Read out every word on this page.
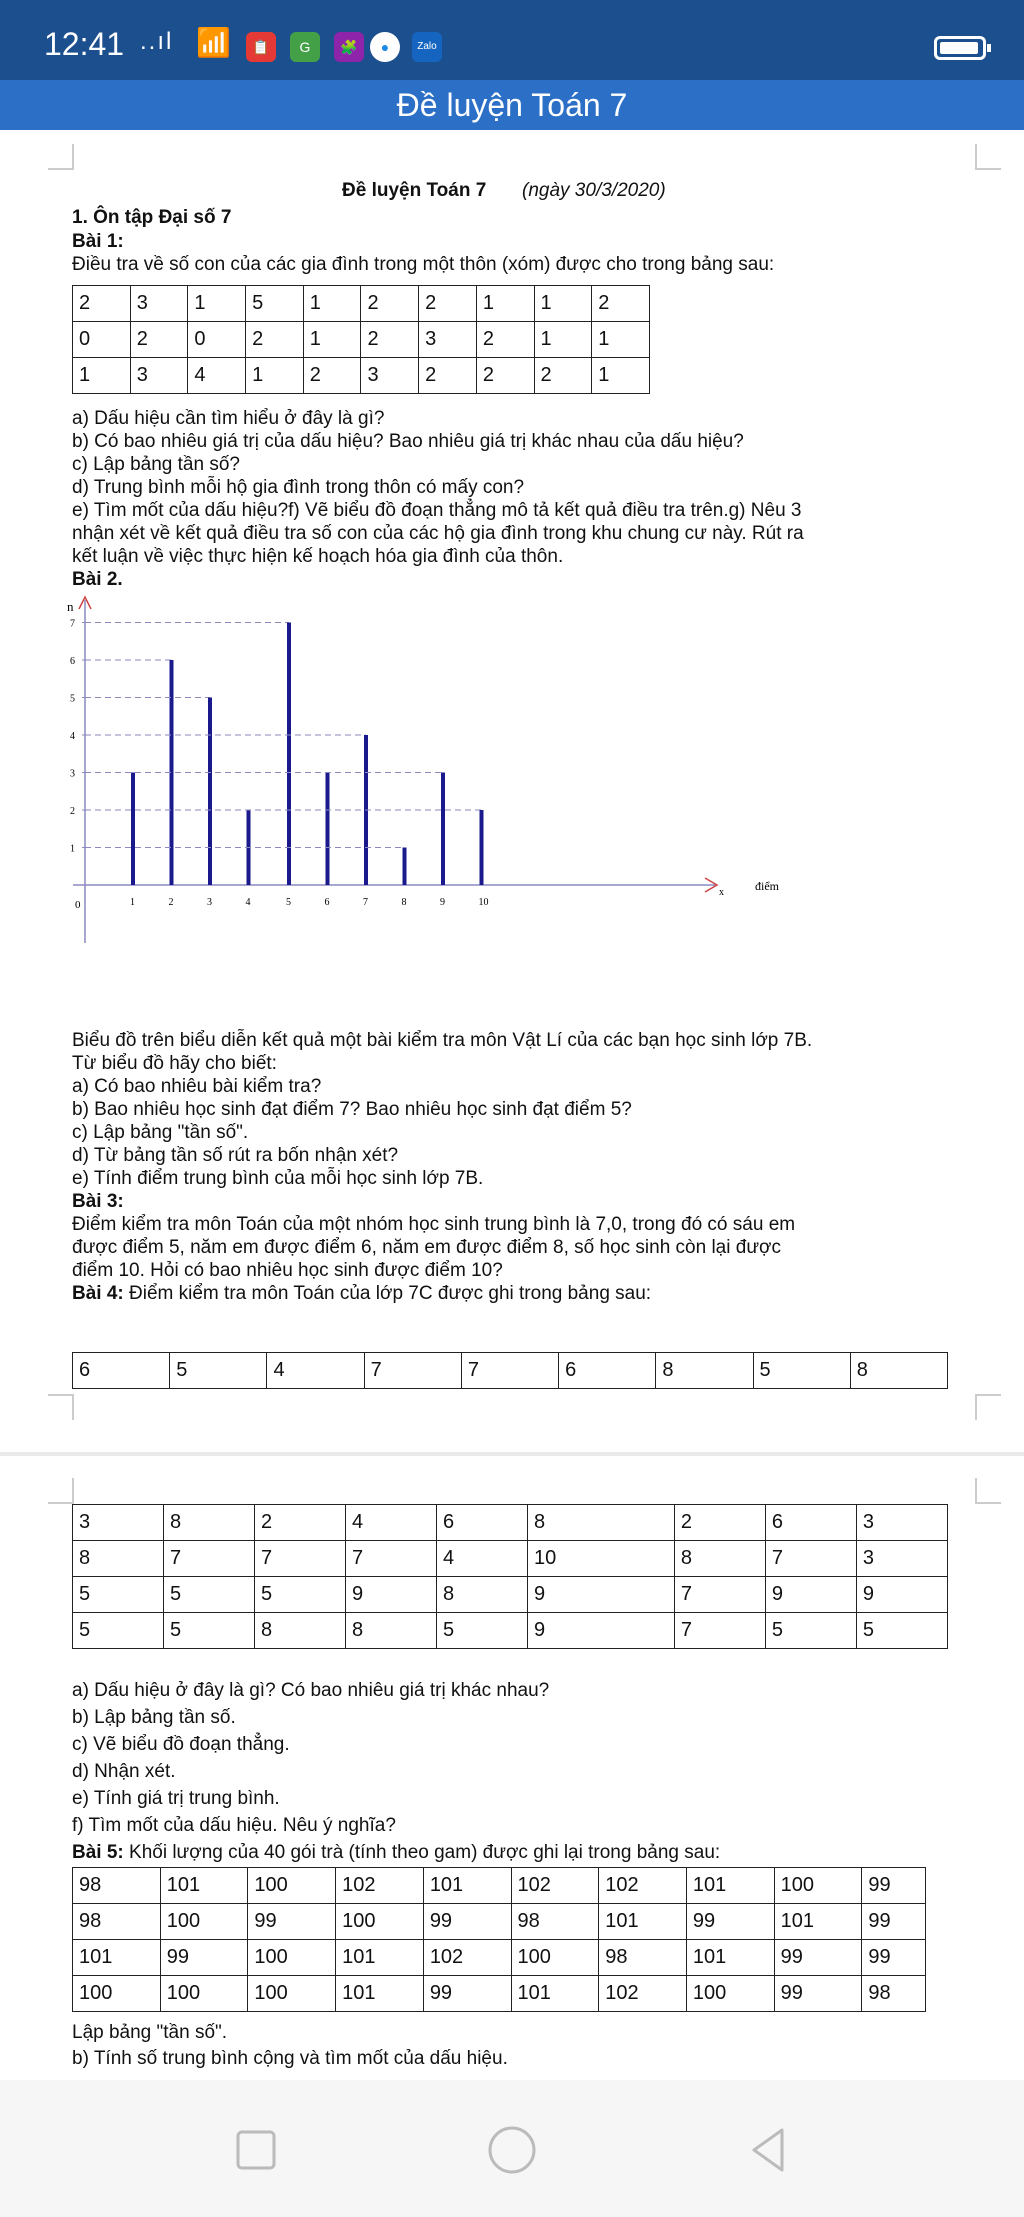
12:41 ..ıl 📶	📋	G	🧩	●	Zalo
Đề luyện Toán 7
Đề luyện Toán 7 (ngày 30/3/2020)
1. Ôn tập Đại số 7
Bài 1:
Điều tra về số con của các gia đình trong một thôn (xóm) được cho trong bảng sau:
2	3	1	5	1	2	2	1	1	2
0	2	0	2	1	2	3	2	1	1
1	3	4	1	2	3	2	2	2	1
a) Dấu hiệu cần tìm hiểu ở đây là gì?
b) Có bao nhiêu giá trị của dấu hiệu? Bao nhiêu giá trị khác nhau của dấu hiệu?
c) Lập bảng tần số?
d) Trung bình mỗi hộ gia đình trong thôn có mấy con?
e) Tìm mốt của dấu hiệu?f) Vẽ biểu đồ đoạn thẳng mô tả kết quả điều tra trên.g) Nêu 3
nhận xét về kết quả điều tra số con của các hộ gia đình trong khu chung cư này. Rút ra
kết luận về việc thực hiện kế hoạch hóa gia đình của thôn.
Bài 2.
n
điểm
x
0
1
2
3
4
5
6
7
1	2	3	4	5	6	7	8	9	10
Biểu đồ trên biểu diễn kết quả một bài kiểm tra môn Vật Lí của các bạn học sinh lớp 7B.
Từ biểu đồ hãy cho biết:
a) Có bao nhiêu bài kiểm tra?
b) Bao nhiêu học sinh đạt điểm 7? Bao nhiêu học sinh đạt điểm 5?
c) Lập bảng "tần số".
d) Từ bảng tần số rút ra bốn nhận xét?
e) Tính điểm trung bình của mỗi học sinh lớp 7B.
Bài 3:
Điểm kiểm tra môn Toán của một nhóm học sinh trung bình là 7,0, trong đó có sáu em
được điểm 5, năm em được điểm 6, năm em được điểm 8, số học sinh còn lại được
điểm 10. Hỏi có bao nhiêu học sinh được điểm 10?
Bài 4: Điểm kiểm tra môn Toán của lớp 7C được ghi trong bảng sau:
6	5	4	7	7	6	8	5	8
3	8	2	4	6	8	2	6	3
8	7	7	7	4	10	8	7	3
5	5	5	9	8	9	7	9	9
5	5	8	8	5	9	7	5	5
a) Dấu hiệu ở đây là gì? Có bao nhiêu giá trị khác nhau?
b) Lập bảng tần số.
c) Vẽ biểu đồ đoạn thẳng.
d) Nhận xét.
e) Tính giá trị trung bình.
f) Tìm mốt của dấu hiệu. Nêu ý nghĩa?
Bài 5: Khối lượng của 40 gói trà (tính theo gam) được ghi lại trong bảng sau:
98	101	100	102	101	102	102	101	100	99
98	100	99	100	99	98	101	99	101	99
101	99	100	101	102	100	98	101	99	99
100	100	100	101	99	101	102	100	99	98
Lập bảng "tần số".
b) Tính số trung bình cộng và tìm mốt của dấu hiệu.
